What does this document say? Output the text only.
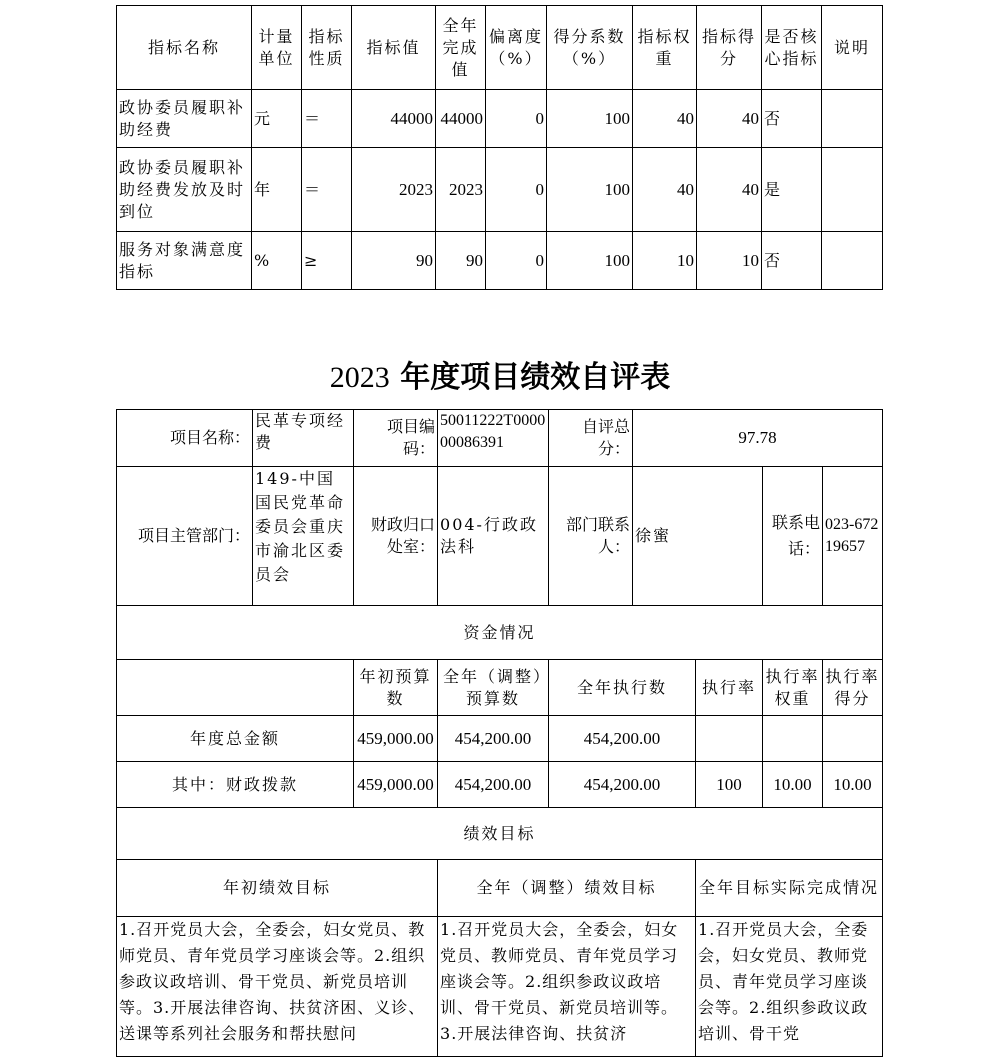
指标名称	计量单位	指标性质	指标值	全年完成值	偏离度（%）	得分系数（%）	指标权重	指标得分	是否核心指标	说明
政协委员履职补助经费	元	＝	44000	44000	0	100	40	40	否	
政协委员履职补助经费发放及时到位	年	＝	2023	2023	0	100	40	40	是	
服务对象满意度指标	%	≥	90	90	0	100	10	10	否	
2023 年度项目绩效自评表
项目名称：	民革专项经费	项目编码：	50011222T000000086391	自评总分：	97.78			
项目主管部门：	149-中国国民党革命委员会重庆市渝北区委员会	财政归口处室：	004-行政政法科	部门联系人：	徐蜜		联系电话：	023-67219657
资金情况								
		年初预算数	全年（调整）预算数	全年执行数		执行率	执行率权重	执行率得分
年度总金额		459,000.00	454,200.00	454,200.00				
其中：财政拨款		459,000.00	454,200.00	454,200.00		100	10.00	10.00
绩效目标								
年初绩效目标			全年（调整）绩效目标			全年目标实际完成情况		
1.召开党员大会，全委会，妇女党员、教师党员、青年党员学习座谈会等。2.组织参政议政培训、骨干党员、新党员培训等。3.开展法律咨询、扶贫济困、义诊、送课等系列社会服务和帮扶慰问			1.召开党员大会，全委会，妇女党员、教师党员、青年党员学习座谈会等。2.组织参政议政培训、骨干党员、新党员培训等。3.开展法律咨询、扶贫济			1.召开党员大会，全委会，妇女党员、教师党员、青年党员学习座谈会等。2.组织参政议政培训、骨干党		
